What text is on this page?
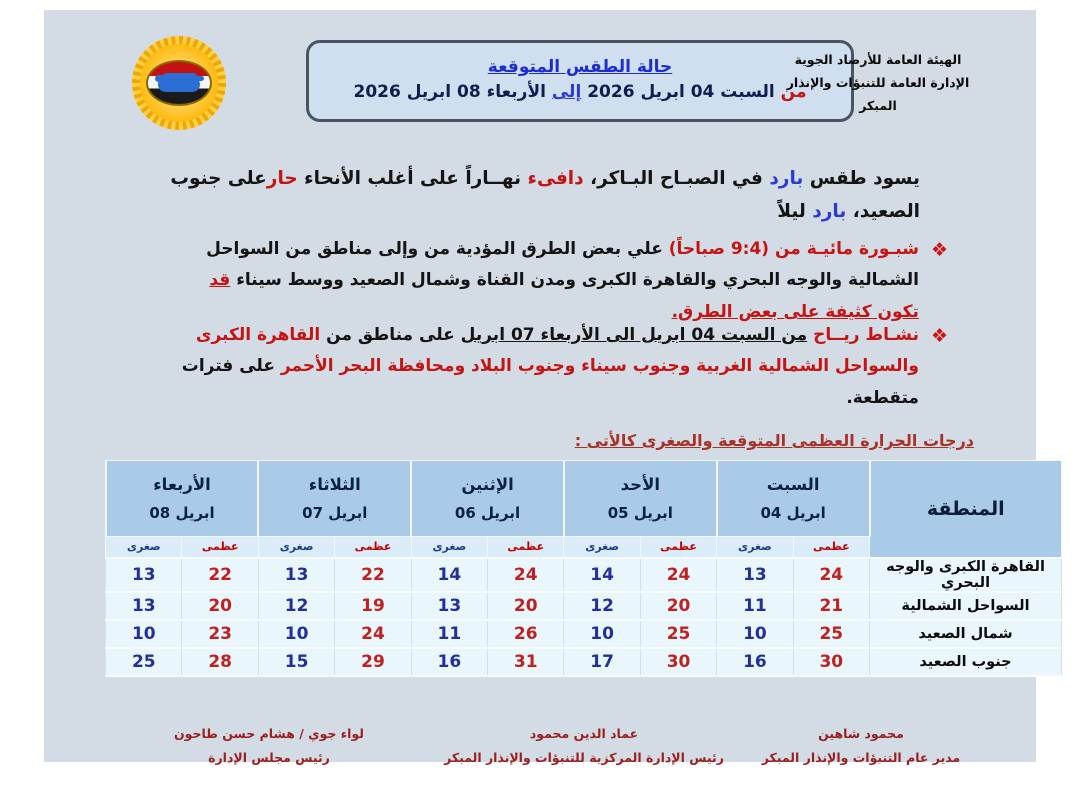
حالة الطقس المتوقعة
من السبت 04 ابريل 2026 إلى الأربعاء 08 ابريل 2026
الهيئة العامة للأرصاد الجوية
الإدارة العامة للتنبؤات والإنذار المبكر
يسود طقس بارد في الصبـاح البـاكر، دافىء نهــاراً على أغلب الأنحاء حارعلى جنوب الصعيد، بارد ليلاً
❖
شبـورة مائيـة من (9:4 صباحاً) علي بعض الطرق المؤدية من وإلى مناطق من السواحل الشمالية والوجه البحري والقاهرة الكبرى ومدن القناة وشمال الصعيد ووسط سيناء قد تكون كثيفة على بعض الطرق.
❖
نشـاط ريــاح من السبت 04 ابريل الى الأربعاء 07 ابريل على مناطق من القاهرة الكبرى والسواحل الشمالية الغربية وجنوب سيناء وجنوب البلاد ومحافظة البحر الأحمر على فترات متقطعة.
درجات الحرارة العظمى المتوقعة والصغرى كالأتى :
المنطقة	
السبت
04 ابريل

الأحد
05 ابريل

الإثنين
06 ابريل

الثلاثاء
07 ابريل

الأربعاء
08 ابريل

	عظمى	صغرى	عظمى	صغرى	عظمى	صغرى	عظمى	صغرى	عظمى	صغرى
القاهرة الكبرى والوجه البحري	24	13	24	14	24	14	22	13	22	13
السواحل الشمالية	21	11	20	12	20	13	19	12	20	13
شمال الصعيد	25	10	25	10	26	11	24	10	23	10
جنوب الصعيد	30	16	30	17	31	16	29	15	28	25
محمود شاهين
مدير عام التنبؤات والإنذار المبكر
عماد الدين محمود
رئيس الإدارة المركزية للتنبؤات والإنذار المبكر
لواء جوي / هشام حسن طاحون
رئيس مجلس الإدارة
